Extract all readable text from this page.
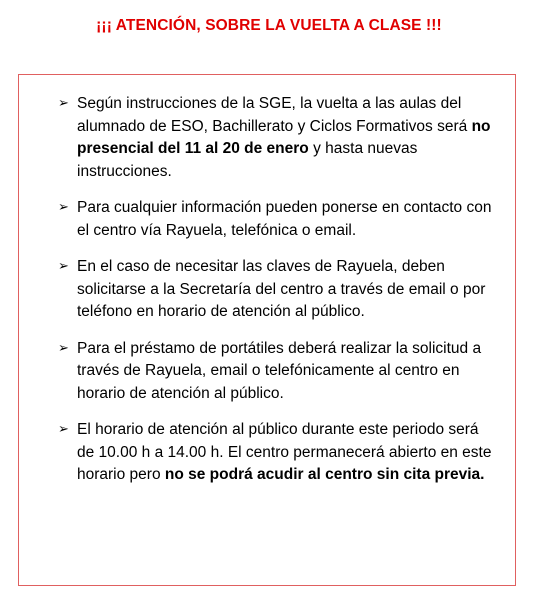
¡¡¡ ATENCIÓN, SOBRE LA VUELTA A CLASE !!!
➢ Según instrucciones de la SGE, la vuelta a las aulas del alumnado de ESO, Bachillerato y Ciclos Formativos será no presencial del 11 al 20 de enero y hasta nuevas instrucciones.
➢ Para cualquier información pueden ponerse en contacto con el centro vía Rayuela, telefónica o email.
➢ En el caso de necesitar las claves de Rayuela, deben solicitarse a la Secretaría del centro a través de email o por teléfono en horario de atención al público.
➢ Para el préstamo de portátiles deberá realizar la solicitud a través de Rayuela, email o telefónicamente al centro en horario de atención al público.
➢ El horario de atención al público durante este periodo será de 10.00 h a 14.00 h. El centro permanecerá abierto en este horario pero no se podrá acudir al centro sin cita previa.
